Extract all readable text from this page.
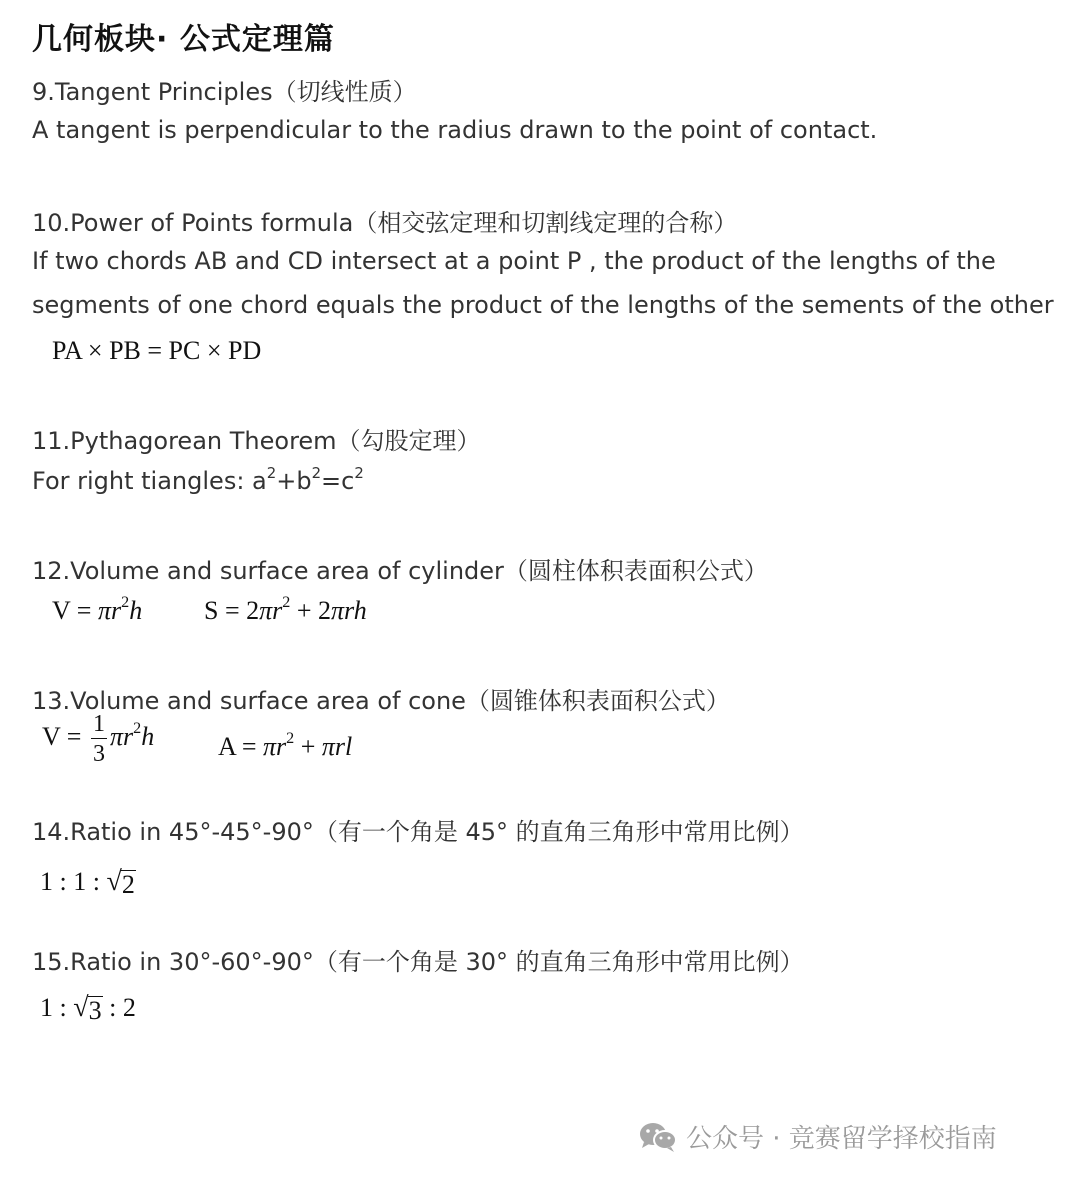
几何板块· 公式定理篇
9.Tangent Principles（切线性质）
A tangent is perpendicular to the radius drawn to the point of contact.
10.Power of Points formula（相交弦定理和切割线定理的合称）
If two chords AB and CD intersect at a point P , the product of the lengths of the
segments of one chord equals the product of the lengths of the sements of the other
PA × PB = PC × PD
11.Pythagorean Theorem（勾股定理）
For right tiangles: $a^2+b^2=c^2$
12.Volume and surface area of cylinder（圆柱体积表面积公式）
$V = \pi r^2h$ $S = 2\pi r^2 + 2\pi rh$
13.Volume and surface area of cone（圆锥体积表面积公式）
$V = \frac{1}{3} \pi r^2h$ $A = \pi r^2 + \pi rl$
14.Ratio in 45°-45°-90°（有一个角是 45° 的直角三角形中常用比例）
1 : 1 : √ 2
15.Ratio in 30°-60°-90°（有一个角是 30° 的直角三角形中常用比例）
1 : √ 3 : 2
公众号 · 竞赛留学择校指南
